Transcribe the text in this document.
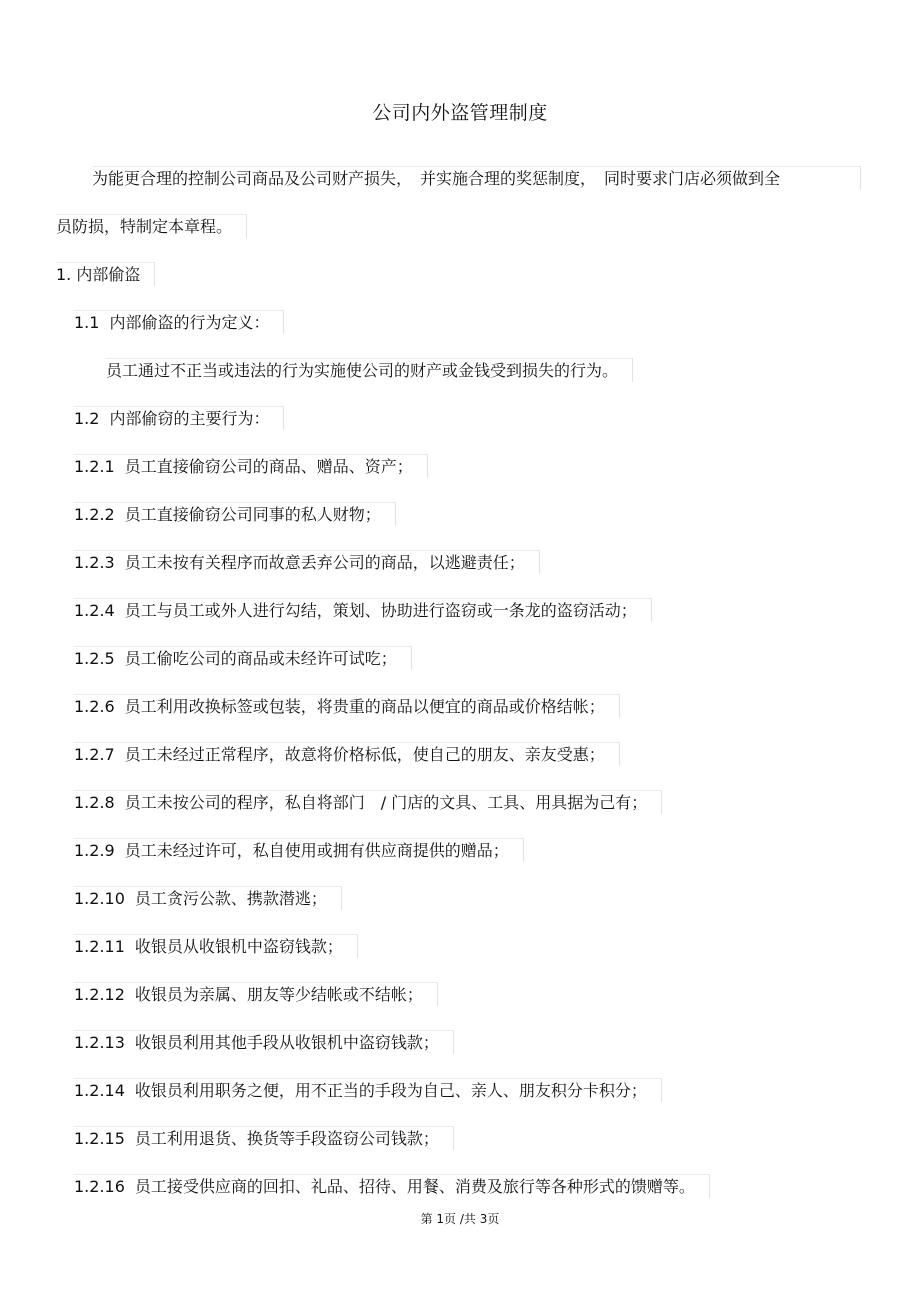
公司内外盗管理制度
为能更合理的控制公司商品及公司财产损失，　并实施合理的奖惩制度，　同时要求门店必须做到全
员防损，特制定本章程。
1. 内部偷盗
1.1 内部偷盗的行为定义：
员工通过不正当或违法的行为实施使公司的财产或金钱受到损失的行为。
1.2 内部偷窃的主要行为：
1.2.1 员工直接偷窃公司的商品、赠品、资产；
1.2.2 员工直接偷窃公司同事的私人财物；
1.2.3 员工未按有关程序而故意丢弃公司的商品，以逃避责任；
1.2.4 员工与员工或外人进行勾结，策划、协助进行盗窃或一条龙的盗窃活动；
1.2.5 员工偷吃公司的商品或未经许可试吃；
1.2.6 员工利用改换标签或包装，将贵重的商品以便宜的商品或价格结帐；
1.2.7 员工未经过正常程序，故意将价格标低，使自己的朋友、亲友受惠；
1.2.8 员工未按公司的程序，私自将部门　/ 门店的文具、工具、用具据为己有；
1.2.9 员工未经过许可，私自使用或拥有供应商提供的赠品；
1.2.10 员工贪污公款、携款潜逃；
1.2.11 收银员从收银机中盗窃钱款；
1.2.12 收银员为亲属、朋友等少结帐或不结帐；
1.2.13 收银员利用其他手段从收银机中盗窃钱款；
1.2.14 收银员利用职务之便，用不正当的手段为自己、亲人、朋友积分卡积分；
1.2.15 员工利用退货、换货等手段盗窃公司钱款；
1.2.16 员工接受供应商的回扣、礼品、招待、用餐、消费及旅行等各种形式的馈赠等。
第 1页 /共 3页
